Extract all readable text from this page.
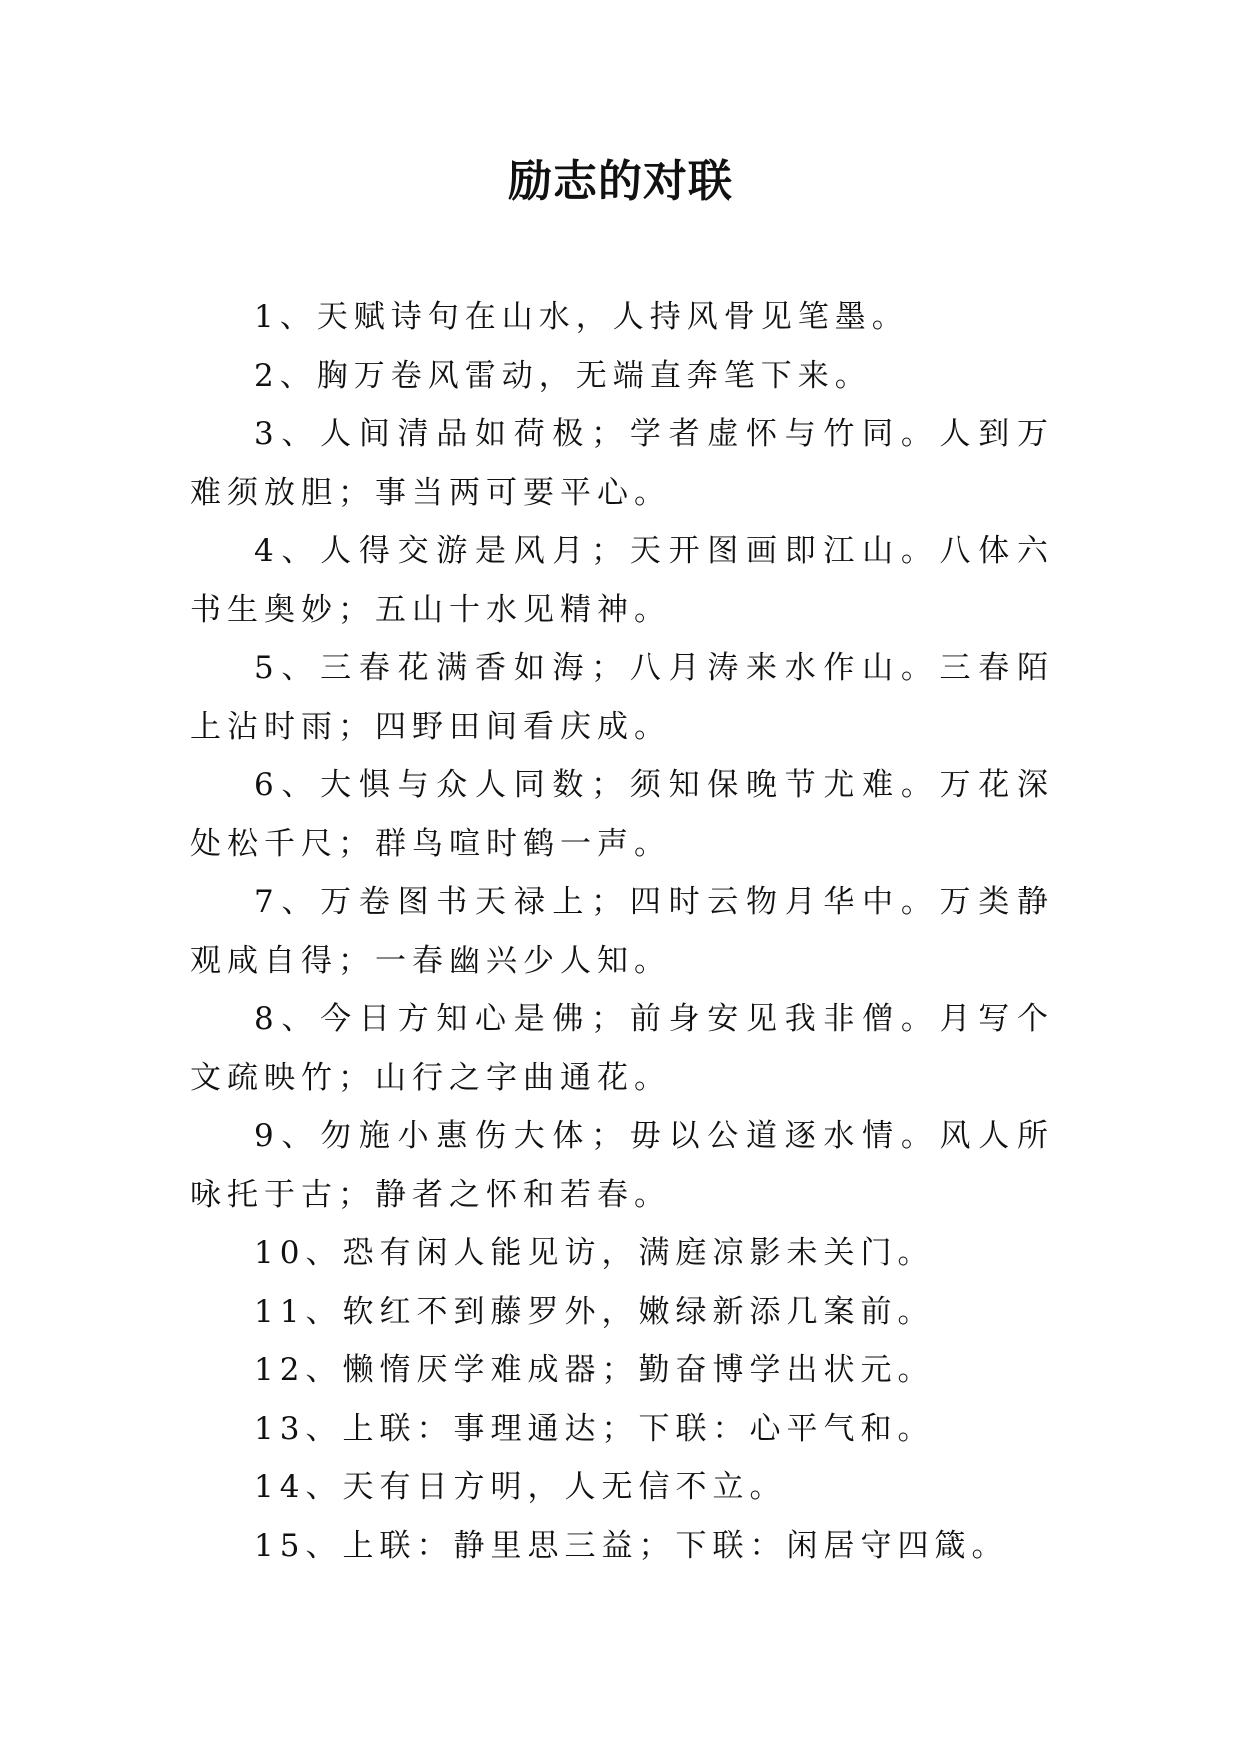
励志的对联

1、天赋诗句在山水，人持风骨见笔墨。

2、胸万卷风雷动，无端直奔笔下来。

3、人间清品如荷极；学者虚怀与竹同。人到万难须放胆；事当两可要平心。

4、人得交游是风月；天开图画即江山。八体六书生奥妙；五山十水见精神。

5、三春花满香如海；八月涛来水作山。三春陌上沾时雨；四野田间看庆成。

6、大惧与众人同数；须知保晚节尤难。万花深处松千尺；群鸟喧时鹤一声。

7、万卷图书天禄上；四时云物月华中。万类静观咸自得；一春幽兴少人知。

8、今日方知心是佛；前身安见我非僧。月写个文疏映竹；山行之字曲通花。

9、勿施小惠伤大体；毋以公道逐水情。风人所咏托于古；静者之怀和若春。

10、恐有闲人能见访，满庭凉影未关门。

11、软红不到藤罗外，嫩绿新添几案前。

12、懒惰厌学难成器；勤奋博学出状元。

13、上联：事理通达；下联：心平气和。

14、天有日方明，人无信不立。

15、上联：静里思三益；下联：闲居守四箴。
